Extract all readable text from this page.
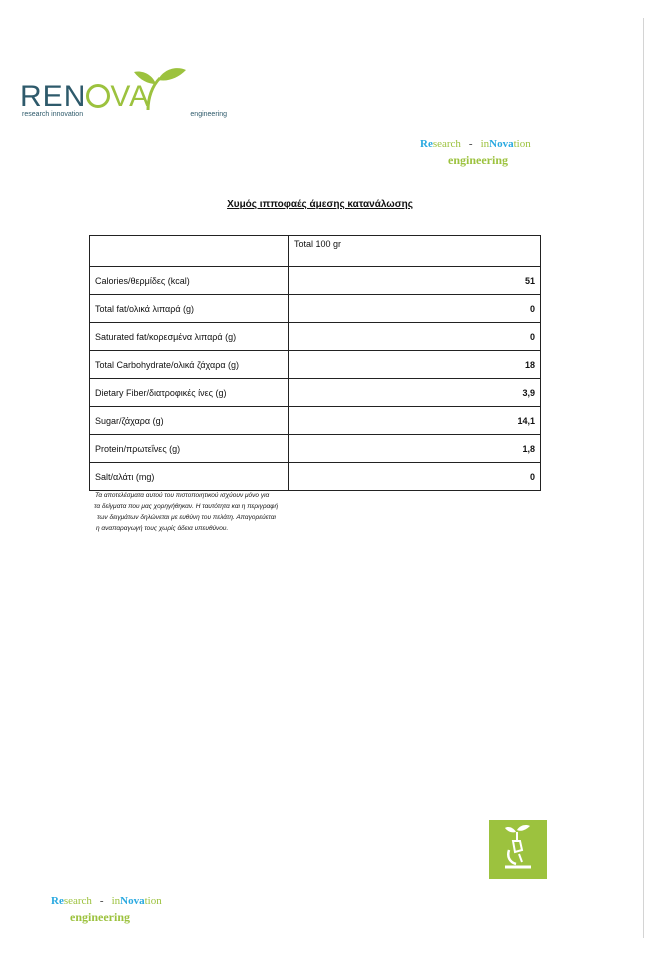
REN VA
research innovation	engineering
Research - inNovation
engineering
Χυμός ιπποφαές άμεσης κατανάλωσης
	Total 100 gr
Calories/θερμίδες (kcal)	51
Total fat/ολικά λιπαρά (g)	0
Saturated fat/κορεσμένα λιπαρά (g)	0
Total Carbohydrate/ολικά ζάχαρα (g)	18
Dietary Fiber/διατροφικές ίνες (g)	3,9
Sugar/ζάχαρα (g)	14,1
Protein/πρωτεΐνες (g)	1,8
Salt/αλάτι (mg)	0
Τα αποτελέσματα αυτού του πιστοποιητικού ισχύουν μόνο για
τα δείγματα που μας χορηγήθηκαν. Η ταυτότητα και η περιγραφή
των δειγμάτων δηλώνεται με ευθύνη του πελάτη. Απαγορεύεται
η αναπαραγωγή τους χωρίς άδεια υπευθύνου.
Research - inNovation
engineering
